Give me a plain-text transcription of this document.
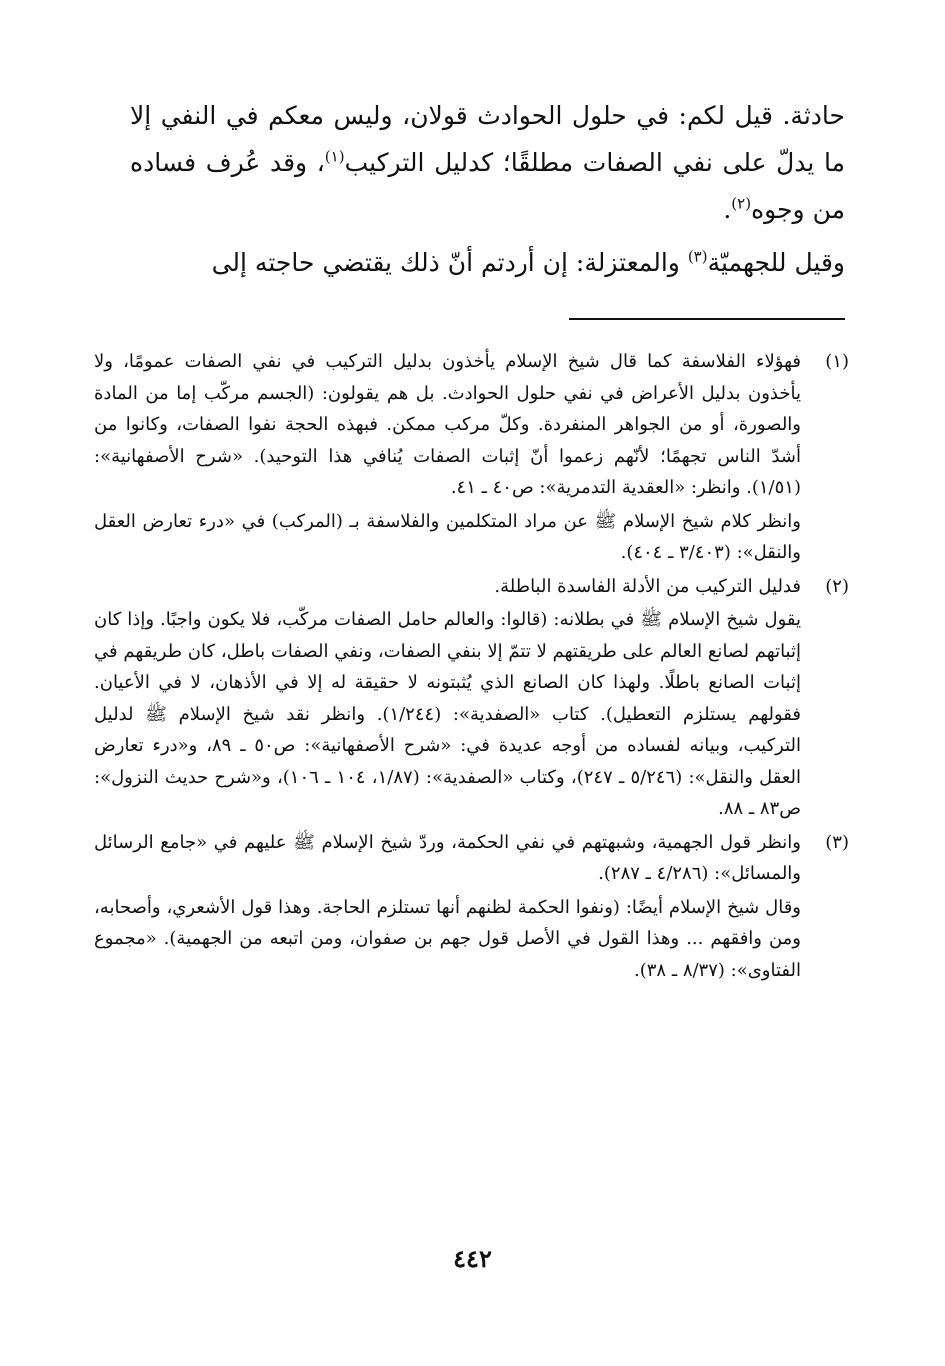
حادثة. قيل لكم: في حلول الحوادث قولان، وليس معكم في النفي إلا ما يدلّ على نفي الصفات مطلقًا؛ كدليل التركيب$^{(١)}$، وقد عُرف فساده من وجوه$^{(٢)}$.

وقيل للجهميّة$^{(٣)}$ والمعتزلة: إن أردتم أنّ ذلك يقتضي حاجته إلى

(١)

فهؤلاء الفلاسفة كما قال شيخ الإسلام يأخذون بدليل التركيب في نفي الصفات عمومًا، ولا يأخذون بدليل الأعراض في نفي حلول الحوادث. بل هم يقولون: (الجسم مركّب إما من المادة والصورة، أو من الجواهر المنفردة. وكلّ مركب ممكن. فبهذه الحجة نفوا الصفات، وكانوا من أشدّ الناس تجهمًا؛ لأنّهم زعموا أنّ إثبات الصفات يُنافي هذا التوحيد). «شرح الأصفهانية»: (١/٥١). وانظر: «العقدية التدمرية»: ص٤٠ ـ ٤١.

وانظر كلام شيخ الإسلام ﷺ عن مراد المتكلمين والفلاسفة بـ (المركب) في «درء تعارض العقل والنقل»: (٣/٤٠٣ ـ ٤٠٤).

(٢)

فدليل التركيب من الأدلة الفاسدة الباطلة.

يقول شيخ الإسلام ﷺ في بطلانه: (قالوا: والعالم حامل الصفات مركّب، فلا يكون واجبًا. وإذا كان إثباتهم لصانع العالم على طريقتهم لا تتمّ إلا بنفي الصفات، ونفي الصفات باطل، كان طريقهم في إثبات الصانع باطلًا. ولهذا كان الصانع الذي يُثبتونه لا حقيقة له إلا في الأذهان، لا في الأعيان. فقولهم يستلزم التعطيل). كتاب «الصفدية»: (١/٢٤٤). وانظر نقد شيخ الإسلام ﷺ لدليل التركيب، وبيانه لفساده من أوجه عديدة في: «شرح الأصفهانية»: ص٥٠ ـ ٨٩، و«درء تعارض العقل والنقل»: (٥/٢٤٦ ـ ٢٤٧)، وكتاب «الصفدية»: (١/٨٧، ١٠٤ ـ ١٠٦)، و«شرح حديث النزول»: ص٨٣ ـ ٨٨.

(٣)

وانظر قول الجهمية، وشبهتهم في نفي الحكمة، وردّ شيخ الإسلام ﷺ عليهم في «جامع الرسائل والمسائل»: (٤/٢٨٦ ـ ٢٨٧).

وقال شيخ الإسلام أيضًا: (ونفوا الحكمة لظنهم أنها تستلزم الحاجة. وهذا قول الأشعري، وأصحابه، ومن وافقهم ... وهذا القول في الأصل قول جهم بن صفوان، ومن اتبعه من الجهمية). «مجموع الفتاوى»: (٨/٣٧ ـ ٣٨).

٤٤٢
